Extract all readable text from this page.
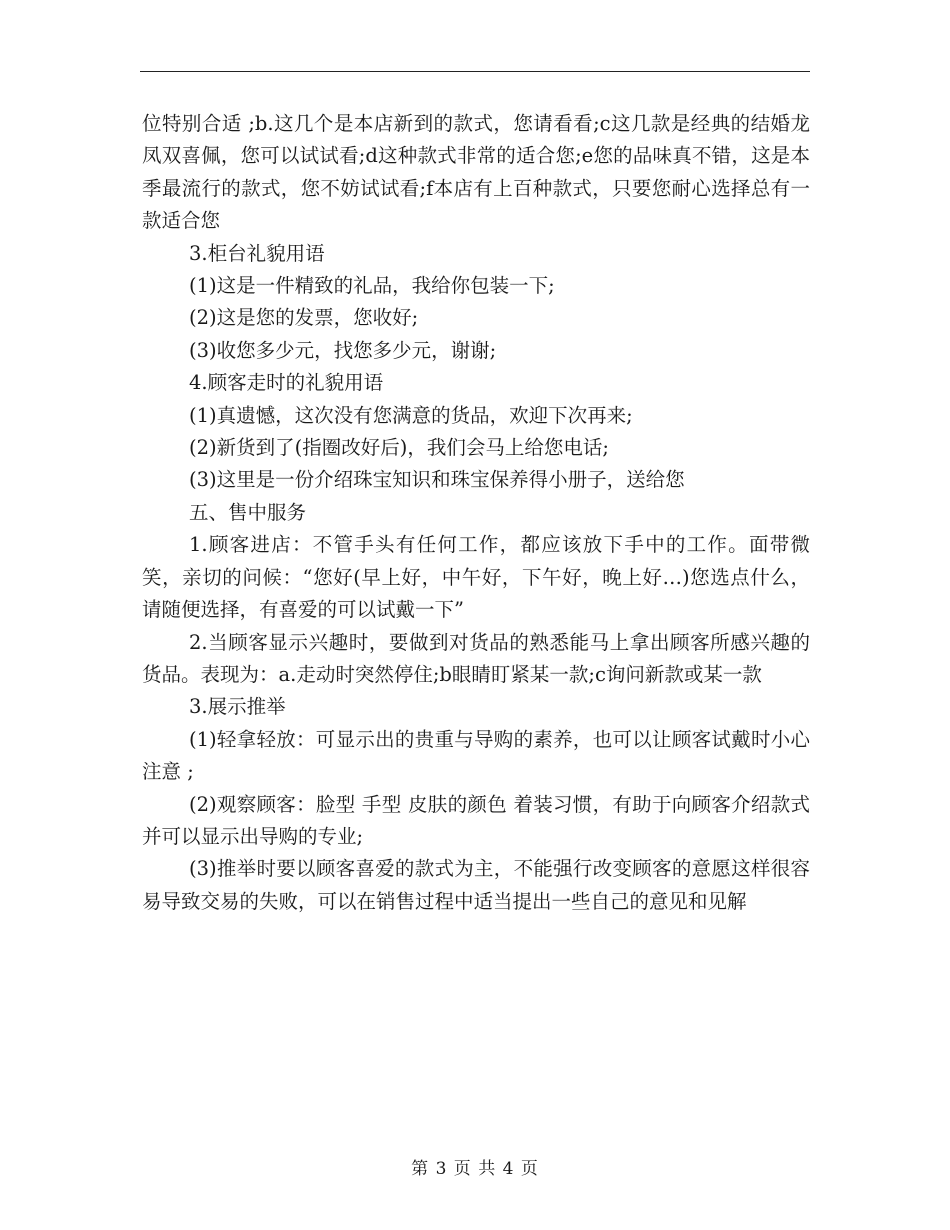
位特别合适 ;b.这几个是本店新到的款式，您请看看;c这几款是经典的结婚龙凤双喜佩，您可以试试看;d这种款式非常的适合您;e您的品味真不错，这是本季最流行的款式，您不妨试试看;f本店有上百种款式，只要您耐心选择总有一款适合您

3.柜台礼貌用语

(1)这是一件精致的礼品，我给你包装一下;

(2)这是您的发票，您收好;

(3)收您多少元，找您多少元，谢谢;

4.顾客走时的礼貌用语

(1)真遗憾，这次没有您满意的货品，欢迎下次再来;

(2)新货到了(指圈改好后)，我们会马上给您电话;

(3)这里是一份介绍珠宝知识和珠宝保养得小册子，送给您

五、售中服务

1.顾客进店：不管手头有任何工作，都应该放下手中的工作。面带微笑，亲切的问候：“您好(早上好，中午好，下午好，晚上好…)您选点什么，请随便选择，有喜爱的可以试戴一下”

2.当顾客显示兴趣时，要做到对货品的熟悉能马上拿出顾客所感兴趣的货品。表现为：a.走动时突然停住;b眼睛盯紧某一款;c询问新款或某一款

3.展示推举

(1)轻拿轻放：可显示出的贵重与导购的素养，也可以让顾客试戴时小心注意 ;

(2)观察顾客：脸型 手型 皮肤的颜色 着装习惯，有助于向顾客介绍款式并可以显示出导购的专业;

(3)推举时要以顾客喜爱的款式为主，不能强行改变顾客的意愿这样很容易导致交易的失败，可以在销售过程中适当提出一些自己的意见和见解

第 3 页 共 4 页
